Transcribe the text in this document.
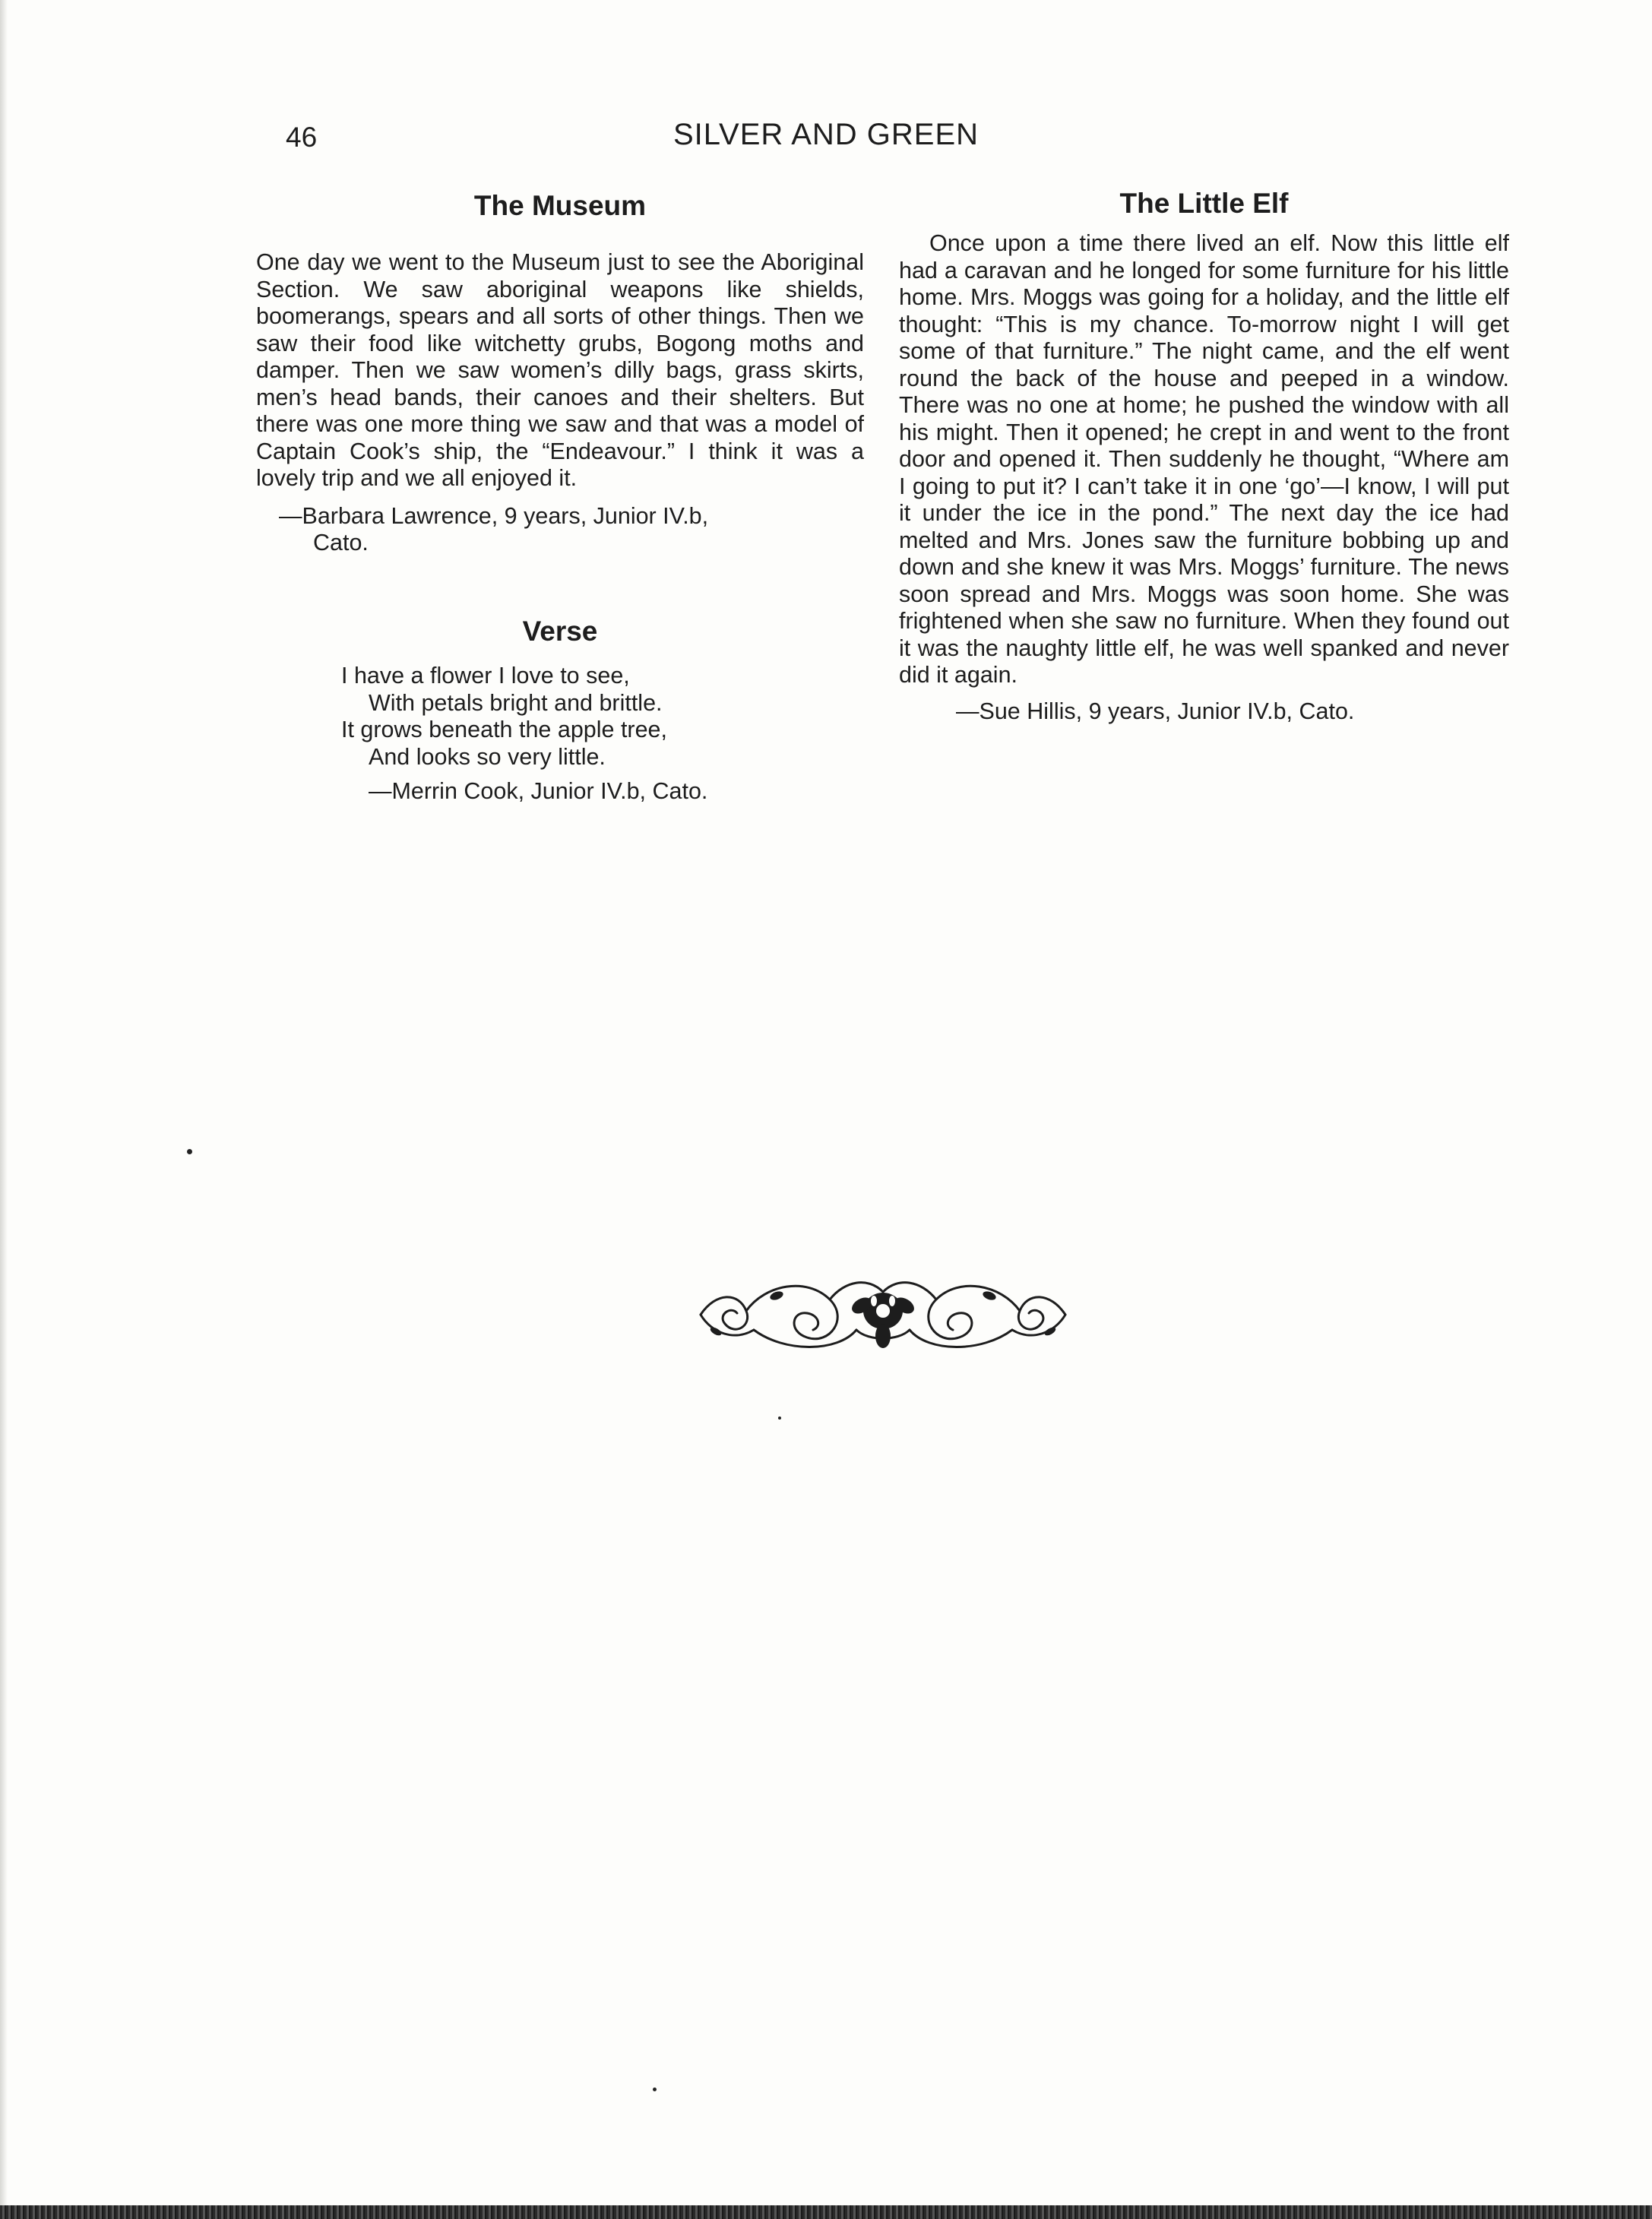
46	SILVER AND GREEN
The Museum

One day we went to the Museum just to see the Aboriginal Section. We saw aboriginal weapons like shields, boomerangs, spears and all sorts of other things. Then we saw their food like witchetty grubs, Bogong moths and damper. Then we saw women’s dilly bags, grass skirts, men’s head bands, their canoes and their shelters. But there was one more thing we saw and that was a model of Captain Cook’s ship, the “Endeavour.” I think it was a lovely trip and we all enjoyed it.

—Barbara Lawrence, 9 years, Junior IV.b,

Cato.

Verse
I have a flower I love to see,
With petals bright and brittle.
It grows beneath the apple tree,
And looks so very little.

—Merrin Cook, Junior IV.b, Cato.

The Little Elf

Once upon a time there lived an elf. Now this little elf had a caravan and he longed for some furniture for his little home. Mrs. Moggs was going for a holiday, and the little elf thought: “This is my chance. To-morrow night I will get some of that furniture.” The night came, and the elf went round the back of the house and peeped in a window. There was no one at home; he pushed the window with all his might. Then it opened; he crept in and went to the front door and opened it. Then suddenly he thought, “Where am I going to put it? I can’t take it in one ‘go’—I know, I will put it under the ice in the pond.” The next day the ice had melted and Mrs. Jones saw the furniture bobbing up and down and she knew it was Mrs. Moggs’ furniture. The news soon spread and Mrs. Moggs was soon home. She was frightened when she saw no furniture. When they found out it was the naughty little elf, he was well spanked and never did it again.

—Sue Hillis, 9 years, Junior IV.b, Cato.
